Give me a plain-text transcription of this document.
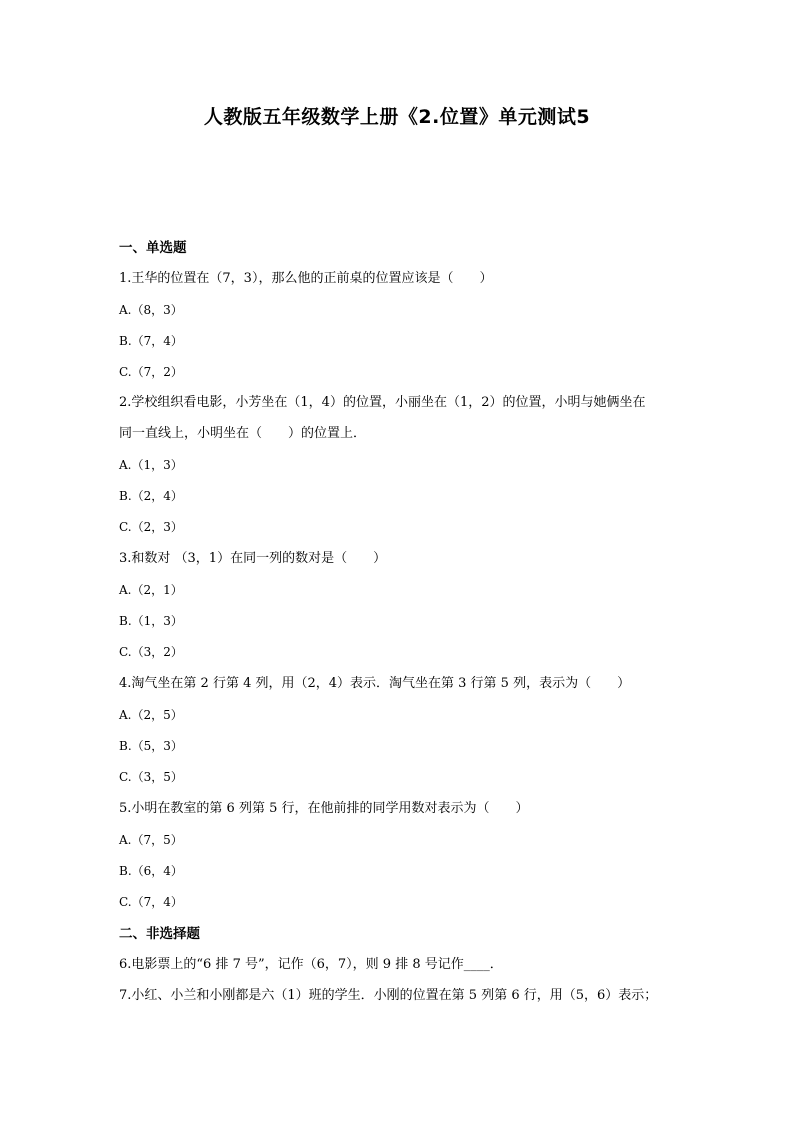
人教版五年级数学上册《2.位置》单元测试5
一、单选题
1.王华的位置在（7，3），那么他的正前桌的位置应该是（　　）
A.（8，3）
B.（7，4）
C.（7，2）
2.学校组织看电影，小芳坐在（1，4）的位置，小丽坐在（1，2）的位置，小明与她俩坐在
同一直线上，小明坐在（　　）的位置上．
A.（1，3）
B.（2，4）
C.（2，3）
3.和数对 （3，1）在同一列的数对是（　　）
A.（2，1）
B.（1，3）
C.（3，2）
4.淘气坐在第 2 行第 4 列，用（2，4）表示．淘气坐在第 3 行第 5 列，表示为（　　）
A.（2，5）
B.（5，3）
C.（3，5）
5.小明在教室的第 6 列第 5 行，在他前排的同学用数对表示为（　　）
A.（7，5）
B.（6，4）
C.（7，4）
二、非选择题
6.电影票上的“6 排 7 号”，记作（6，7），则 9 排 8 号记作____．
7.小红、小兰和小刚都是六（1）班的学生．小刚的位置在第 5 列第 6 行，用（5，6）表示；
